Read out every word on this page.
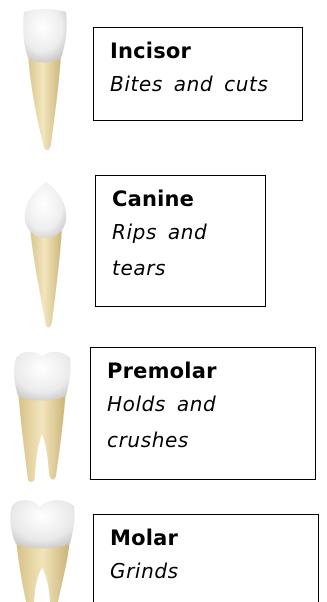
Incisor
Bites and cuts
Canine
Rips and tears
Premolar
Holds and crushes
Molar
Grinds
